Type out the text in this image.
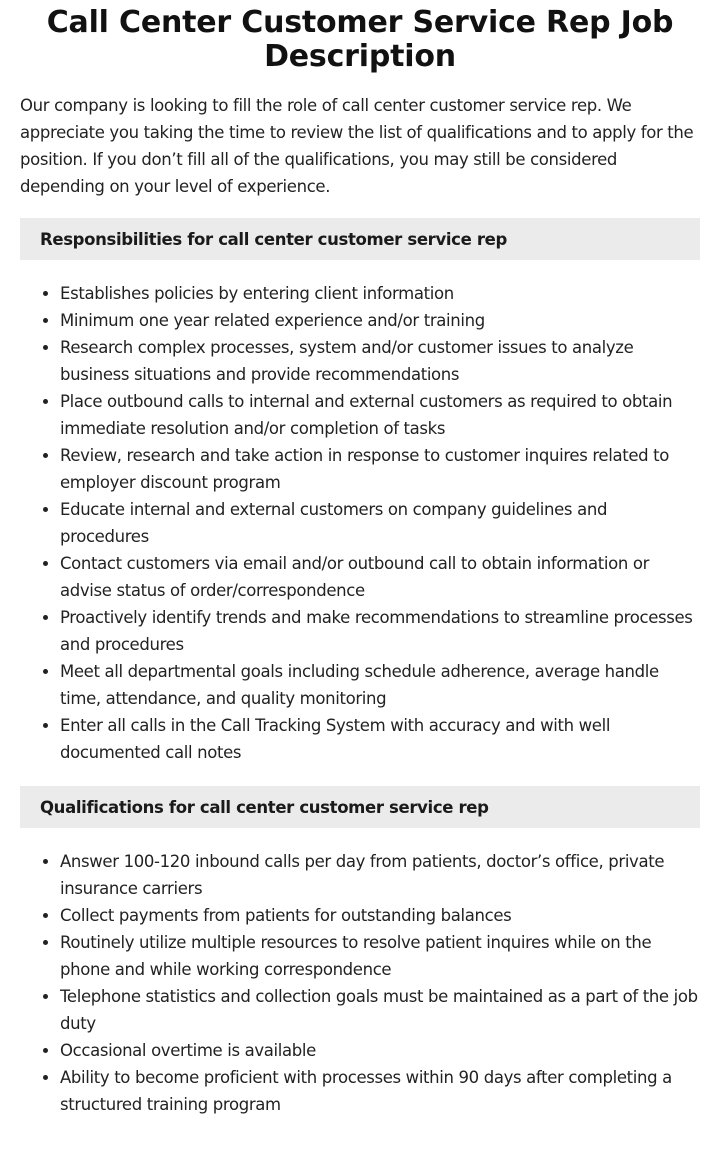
Call Center Customer Service Rep Job Description

Our company is looking to fill the role of call center customer service rep. We appreciate you taking the time to review the list of qualifications and to apply for the position. If you don’t fill all of the qualifications, you may still be considered depending on your level of experience.

Responsibilities for call center customer service rep
• Establishes policies by entering client information
• Minimum one year related experience and/or training
• Research complex processes, system and/or customer issues to analyze business situations and provide recommendations
• Place outbound calls to internal and external customers as required to obtain immediate resolution and/or completion of tasks
• Review, research and take action in response to customer inquires related to employer discount program
• Educate internal and external customers on company guidelines and procedures
• Contact customers via email and/or outbound call to obtain information or advise status of order/correspondence
• Proactively identify trends and make recommendations to streamline processes and procedures
• Meet all departmental goals including schedule adherence, average handle time, attendance, and quality monitoring
• Enter all calls in the Call Tracking System with accuracy and with well documented call notes
Qualifications for call center customer service rep
• Answer 100-120 inbound calls per day from patients, doctor’s office, private insurance carriers
• Collect payments from patients for outstanding balances
• Routinely utilize multiple resources to resolve patient inquires while on the phone and while working correspondence
• Telephone statistics and collection goals must be maintained as a part of the job duty
• Occasional overtime is available
• Ability to become proficient with processes within 90 days after completing a structured training program
